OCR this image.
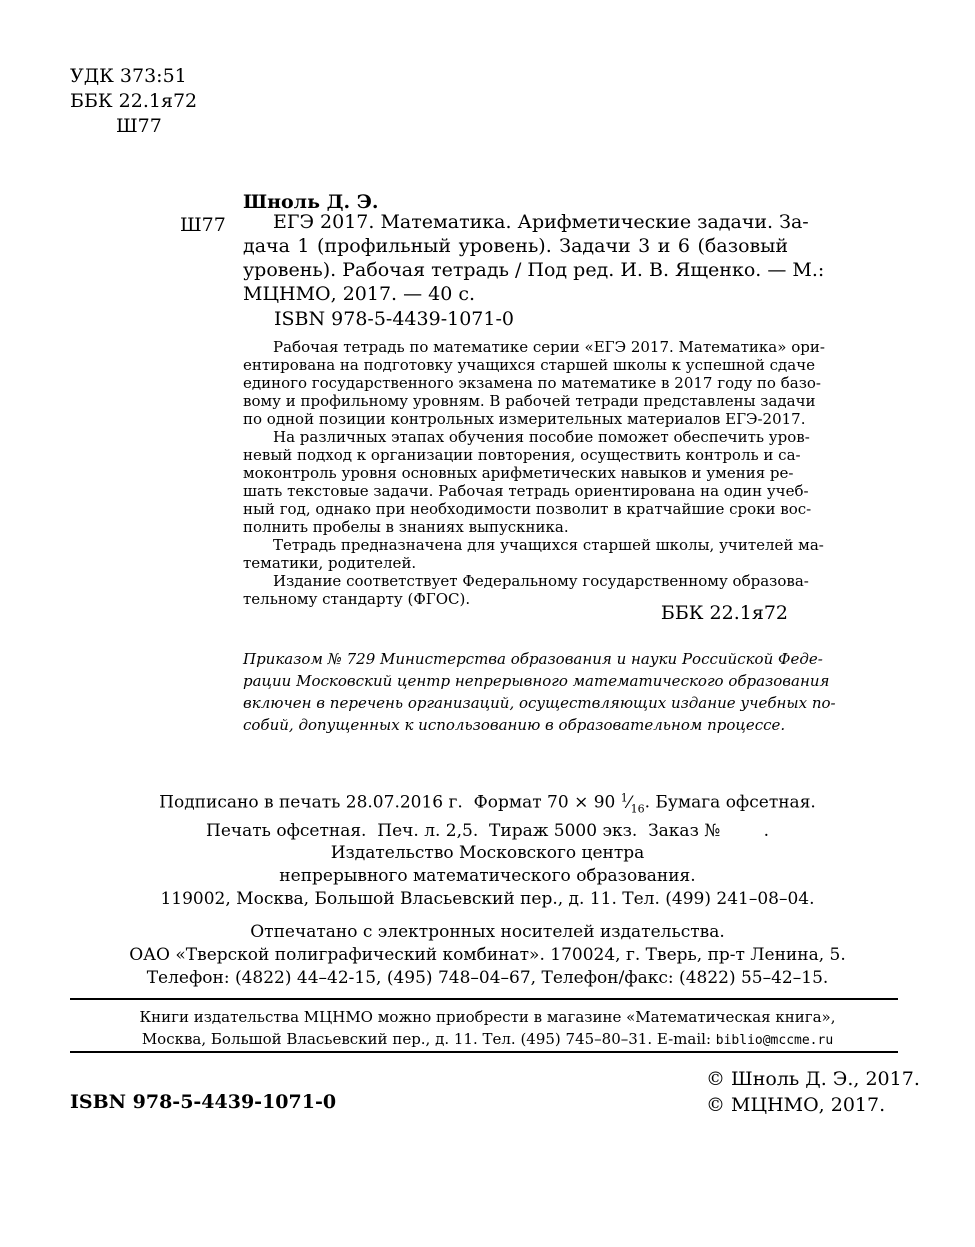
УДК 373:51
ББК 22.1я72
Ш77
Шноль Д. Э.
Ш77	ЕГЭ 2017. Математика. Арифметические задачи. За-
дача 1 (профильный уровень). Задачи 3 и 6 (базовый
уровень). Рабочая тетрадь / Под ред. И. В. Ященко. — М.:
МЦНМО, 2017. — 40 с.
ISBN 978-5-4439-1071-0
Рабочая тетрадь по математике серии «ЕГЭ 2017. Математика» ори-
ентирована на подготовку учащихся старшей школы к успешной сдаче
единого государственного экзамена по математике в 2017 году по базо-
вому и профильному уровням. В рабочей тетради представлены задачи
по одной позиции контрольных измерительных материалов ЕГЭ-2017.
На различных этапах обучения пособие поможет обеспечить уров-
невый подход к организации повторения, осуществить контроль и са-
моконтроль уровня основных арифметических навыков и умения ре-
шать текстовые задачи. Рабочая тетрадь ориентирована на один учеб-
ный год, однако при необходимости позволит в кратчайшие сроки вос-
полнить пробелы в знаниях выпускника.
Тетрадь предназначена для учащихся старшей школы, учителей ма-
тематики, родителей.
Издание соответствует Федеральному государственному образова-
тельному стандарту (ФГОС).
ББК 22.1я72
Приказом № 729 Министерства образования и науки Российской Феде-
рации Московский центр непрерывного математического образования
включен в перечень организаций, осуществляющих издание учебных по-
собий, допущенных к использованию в образовательном процессе.
Подписано в печать 28.07.2016 г.  Формат 70 × 90 $^1⁄_{16}$. Бумага офсетная.
Печать офсетная.  Печ. л. 2,5.  Тираж 5000 экз.  Заказ №        .
Издательство Московского центра
непрерывного математического образования.
119002, Москва, Большой Власьевский пер., д. 11. Тел. (499) 241–08–04.
Отпечатано с электронных носителей издательства.
ОАО «Тверской полиграфический комбинат». 170024, г. Тверь, пр-т Ленина, 5.
Телефон: (4822) 44–42-15, (495) 748–04–67, Телефон/факс: (4822) 55–42–15.
Книги издательства МЦНМО можно приобрести в магазине «Математическая книга»,
Москва, Большой Власьевский пер., д. 11. Тел. (495) 745–80–31. E-mail: biblio@mccme.ru
ISBN 978-5-4439-1071-0
© Шноль Д. Э., 2017.
© МЦНМО, 2017.
